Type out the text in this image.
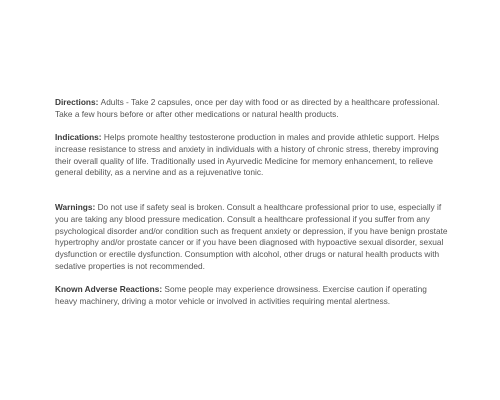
Directions: Adults - Take 2 capsules, once per day with food or as directed by a healthcare professional. Take a few hours before or after other medications or natural health products.

Indications: Helps promote healthy testosterone production in males and provide athletic support. Helps increase resistance to stress and anxiety in individuals with a history of chronic stress, thereby improving their overall quality of life. Traditionally used in Ayurvedic Medicine for memory enhancement, to relieve general debility, as a nervine and as a rejuvenative tonic.

Warnings: Do not use if safety seal is broken. Consult a healthcare professional prior to use, especially if you are taking any blood pressure medication. Consult a healthcare professional if you suffer from any psychological disorder and/or condition such as frequent anxiety or depression, if you have benign prostate hypertrophy and/or prostate cancer or if you have been diagnosed with hypoactive sexual disorder, sexual dysfunction or erectile dysfunction. Consumption with alcohol, other drugs or natural health products with sedative properties is not recommended.

Known Adverse Reactions: Some people may experience drowsiness. Exercise caution if operating heavy machinery, driving a motor vehicle or involved in activities requiring mental alertness.
